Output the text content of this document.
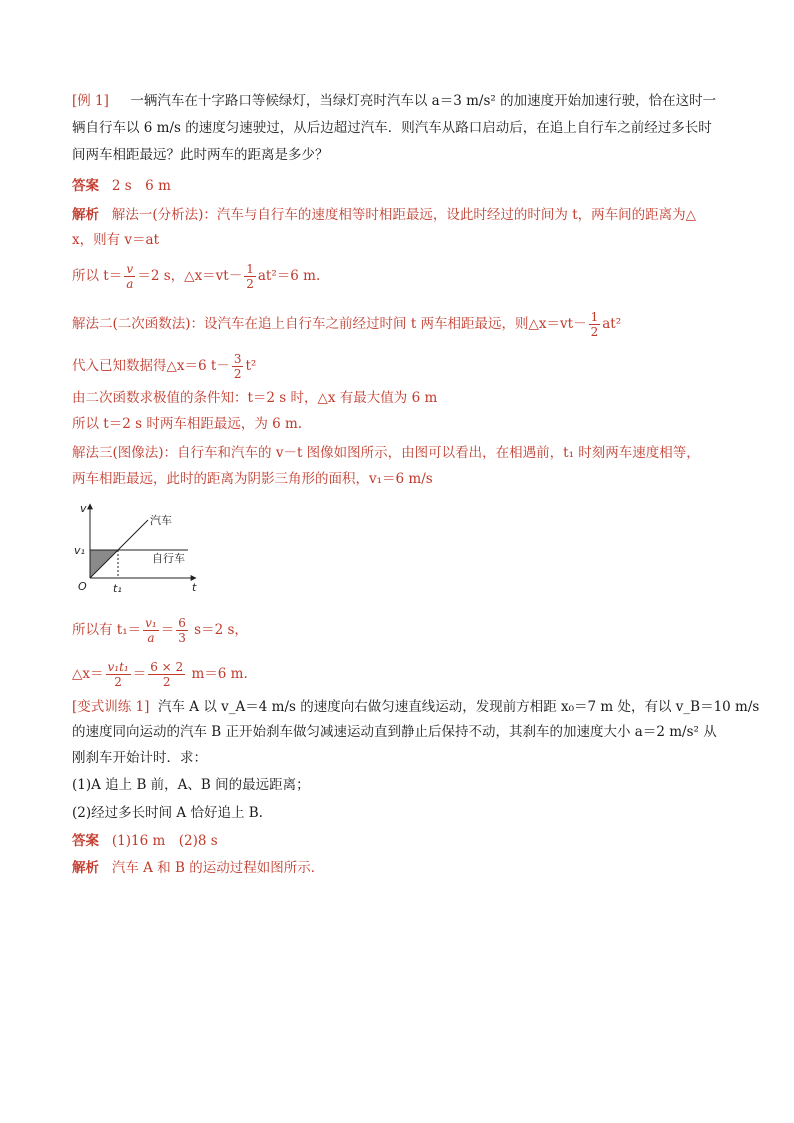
[例 1] 一辆汽车在十字路口等候绿灯，当绿灯亮时汽车以 a＝3 m/s² 的加速度开始加速行驶，恰在这时一
辆自行车以 6 m/s 的速度匀速驶过，从后边超过汽车．则汽车从路口启动后，在追上自行车之前经过多长时
间两车相距最远？此时两车的距离是多少？
答案 2 s　6 m
解析 解法一(分析法)：汽车与自行车的速度相等时相距最远，设此时经过的时间为 t，两车间的距离为△
x，则有 v＝at
所以 $t= \frac{v}{a} =2$ s，△x＝vt－ $\frac{1}{2} at^2=6$ m.
解法二(二次函数法)：设汽车在追上自行车之前经过时间 t 两车相距最远，则△x＝vt－ $\frac{1}{2} at^2$
代入已知数据得△x＝6 $t- \frac{3}{2} t^2$
由二次函数求极值的条件知：t＝2 s 时，△x 有最大值为 6 m
所以 t＝2 s 时两车相距最远，为 6 m.
解法三(图像法)：自行车和汽车的 v－t 图像如图所示，由图可以看出，在相遇前，t₁ 时刻两车速度相等，
两车相距最远，此时的距离为阴影三角形的面积，v₁＝6 m/s
v
t
O
v₁
t₁
汽车
自行车
所以有 $t_1= \frac{\text{v₁}}{a} = \frac{6}{3} s=2$ s，
△x＝ $\frac{\text{v₁t₁}}{2} = \frac{6 \times 2}{2} m=6$ m.
[变式训练 1] 汽车 A 以 v_A＝4 m/s 的速度向右做匀速直线运动，发现前方相距 x₀＝7 m 处，有以 v_B＝10 m/s
的速度同向运动的汽车 B 正开始刹车做匀减速运动直到静止后保持不动，其刹车的加速度大小 a＝2 m/s² 从
刚刹车开始计时．求：
(1)A 追上 B 前，A、B 间的最远距离；
(2)经过多长时间 A 恰好追上 B.
答案 (1)16 m　(2)8 s
解析 汽车 A 和 B 的运动过程如图所示．
